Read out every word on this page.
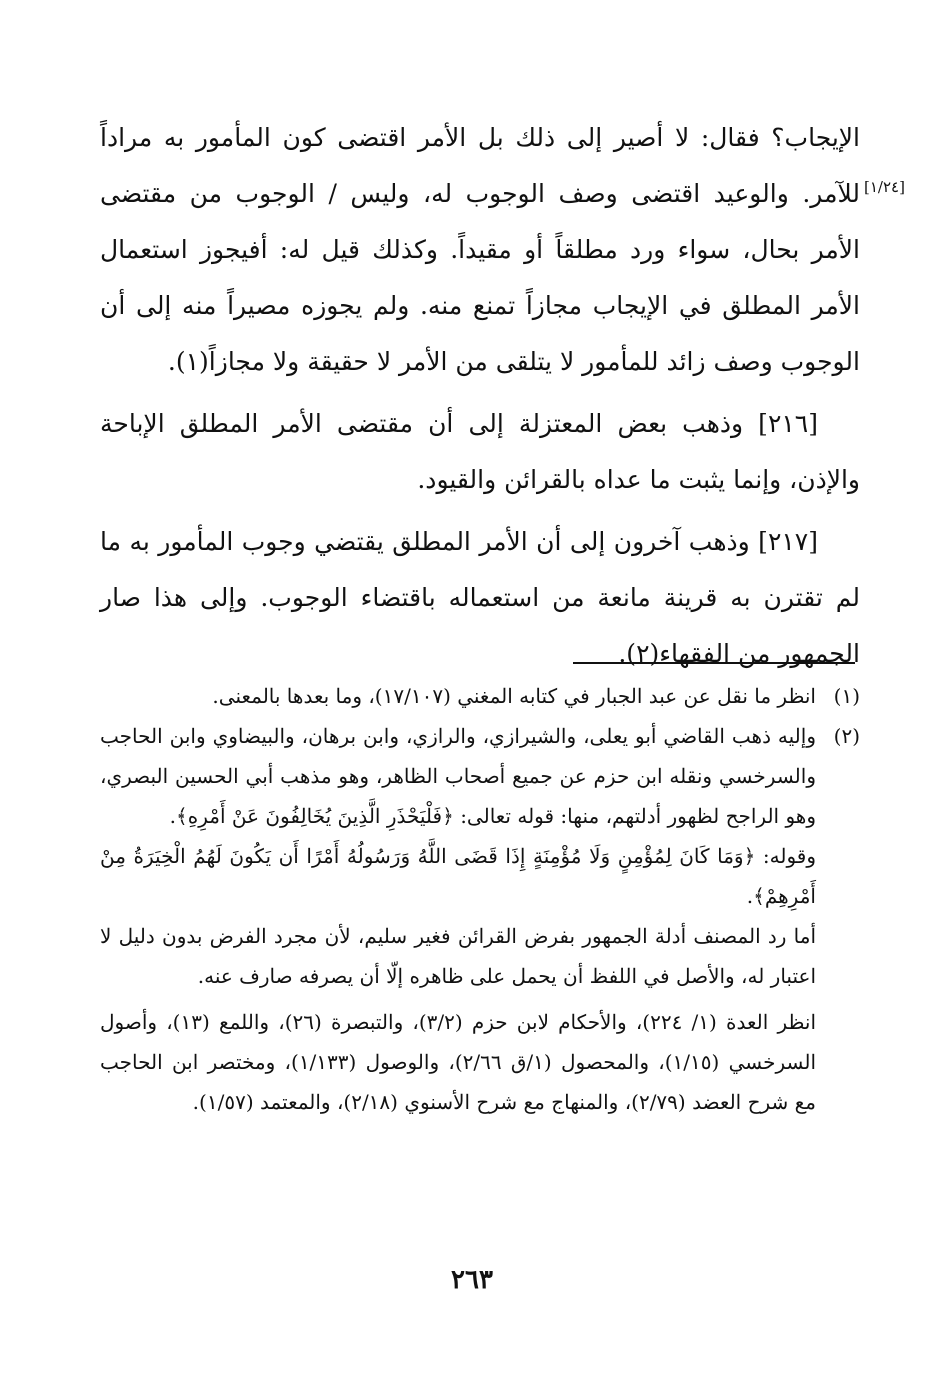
الإيجاب؟ فقال: لا أصير إلى ذلك بل الأمر اقتضى كون المأمور به مراداً للآمر. والوعيد اقتضى وصف الوجوب له، وليس / الوجوب من مقتضى الأمر بحال، سواء ورد مطلقاً أو مقيداً. وكذلك قيل له: أفيجوز استعمال الأمر المطلق في الإيجاب مجازاً تمنع منه. ولم يجوزه مصيراً منه إلى أن الوجوب وصف زائد للمأمور لا يتلقى من الأمر لا حقيقة ولا مجازاً(١).

[٢١٦] وذهب بعض المعتزلة إلى أن مقتضى الأمر المطلق الإباحة والإذن، وإنما يثبت ما عداه بالقرائن والقيود.

[٢١٧] وذهب آخرون إلى أن الأمر المطلق يقتضي وجوب المأمور به ما لم تقترن به قرينة مانعة من استعماله باقتضاء الوجوب. وإلى هذا صار الجمهور من الفقهاء(٢).

[١/٢٤]
(١)

انظر ما نقل عن عبد الجبار في كتابه المغني (١٧/١٠٧)، وما بعدها بالمعنى.

(٢)

وإليه ذهب القاضي أبو يعلى، والشيرازي، والرازي، وابن برهان، والبيضاوي وابن الحاجب والسرخسي ونقله ابن حزم عن جميع أصحاب الظاهر، وهو مذهب أبي الحسين البصري، وهو الراجح لظهور أدلتهم، منها: قوله تعالى: ﴿فَلْيَحْذَرِ الَّذِينَ يُخَالِفُونَ عَنْ أَمْرِهِ﴾.

وقوله: ﴿وَمَا كَانَ لِمُؤْمِنٍ وَلَا مُؤْمِنَةٍ إِذَا قَضَى اللَّهُ وَرَسُولُهُ أَمْرًا أَن يَكُونَ لَهُمُ الْخِيَرَةُ مِنْ أَمْرِهِمْ﴾.

أما رد المصنف أدلة الجمهور بفرض القرائن فغير سليم، لأن مجرد الفرض بدون دليل لا اعتبار له، والأصل في اللفظ أن يحمل على ظاهره إلّا أن يصرفه صارف عنه.

انظر العدة (١/ ٢٢٤)، والأحكام لابن حزم (٣/٢)، والتبصرة (٢٦)، واللمع (١٣)، وأصول السرخسي (١/١٥)، والمحصول (١/ق ٢/٦٦)، والوصول (١/١٣٣)، ومختصر ابن الحاجب مع شرح العضد (٢/٧٩)، والمنهاج مع شرح الأسنوي (٢/١٨)، والمعتمد (١/٥٧).

٢٦٣
